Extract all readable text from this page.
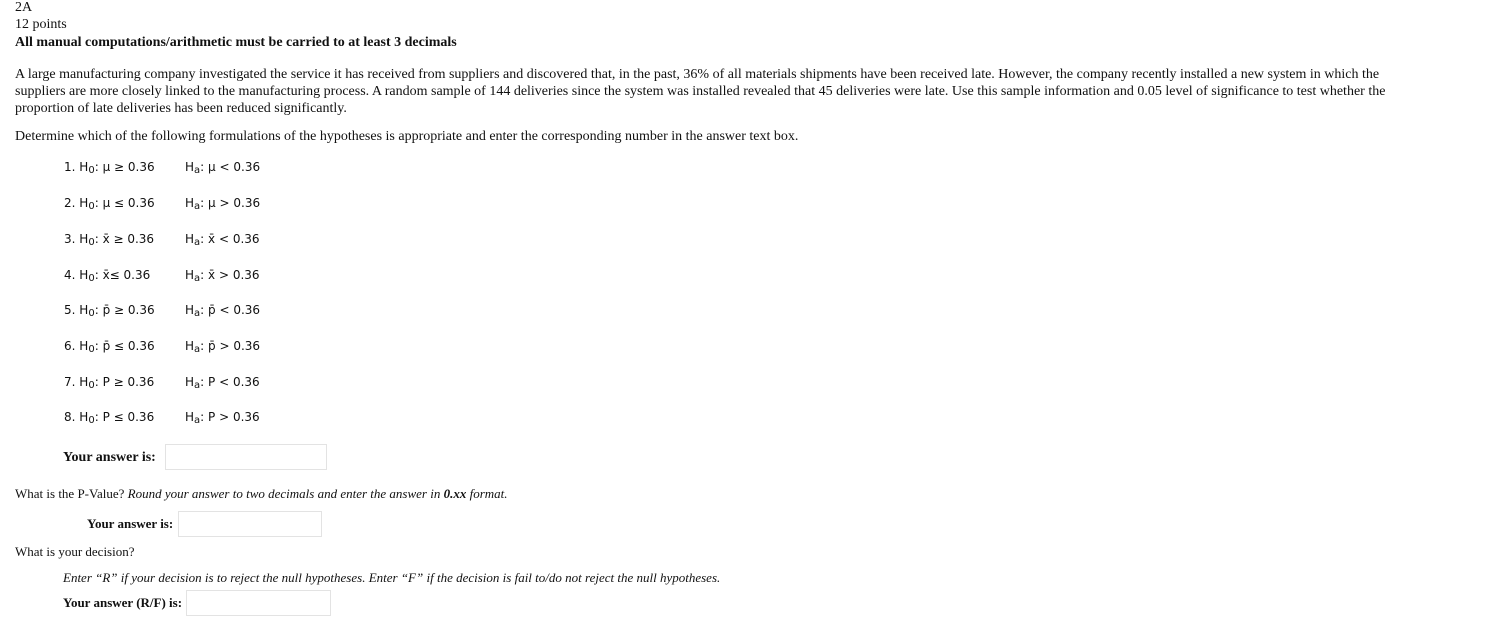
2A
12 points
All manual computations/arithmetic must be carried to at least 3 decimals
A large manufacturing company investigated the service it has received from suppliers and discovered that, in the past, 36% of all materials shipments have been received late. However, the company recently installed a new system in which the suppliers are more closely linked to the manufacturing process. A random sample of 144 deliveries since the system was installed revealed that 45 deliveries were late. Use this sample information and 0.05 level of significance to test whether the proportion of late deliveries has been reduced significantly.
Determine which of the following formulations of the hypotheses is appropriate and enter the corresponding number in the answer text box.
1. $H_0$: μ ≥ 0.36	$H_a$: μ < 0.36
2. $H_0$: μ ≤ 0.36	$H_a$: μ > 0.36
3. $H_0$: x̄ ≥ 0.36	$H_a$: x̄ < 0.36
4. $H_0$: x̄≤ 0.36	$H_a$: x̄ > 0.36
5. $H_0$: p̄ ≥ 0.36	$H_a$: p̄ < 0.36
6. $H_0$: p̄ ≤ 0.36	$H_a$: p̄ > 0.36
7. $H_0$: P ≥ 0.36	$H_a$: P < 0.36
8. $H_0$: P ≤ 0.36	$H_a$: P > 0.36
Your answer is:
What is the P-Value? Round your answer to two decimals and enter the answer in 0.xx format.
Your answer is:
What is your decision?
Enter “R” if your decision is to reject the null hypotheses. Enter “F” if the decision is fail to/do not reject the null hypotheses.
Your answer (R/F) is:
